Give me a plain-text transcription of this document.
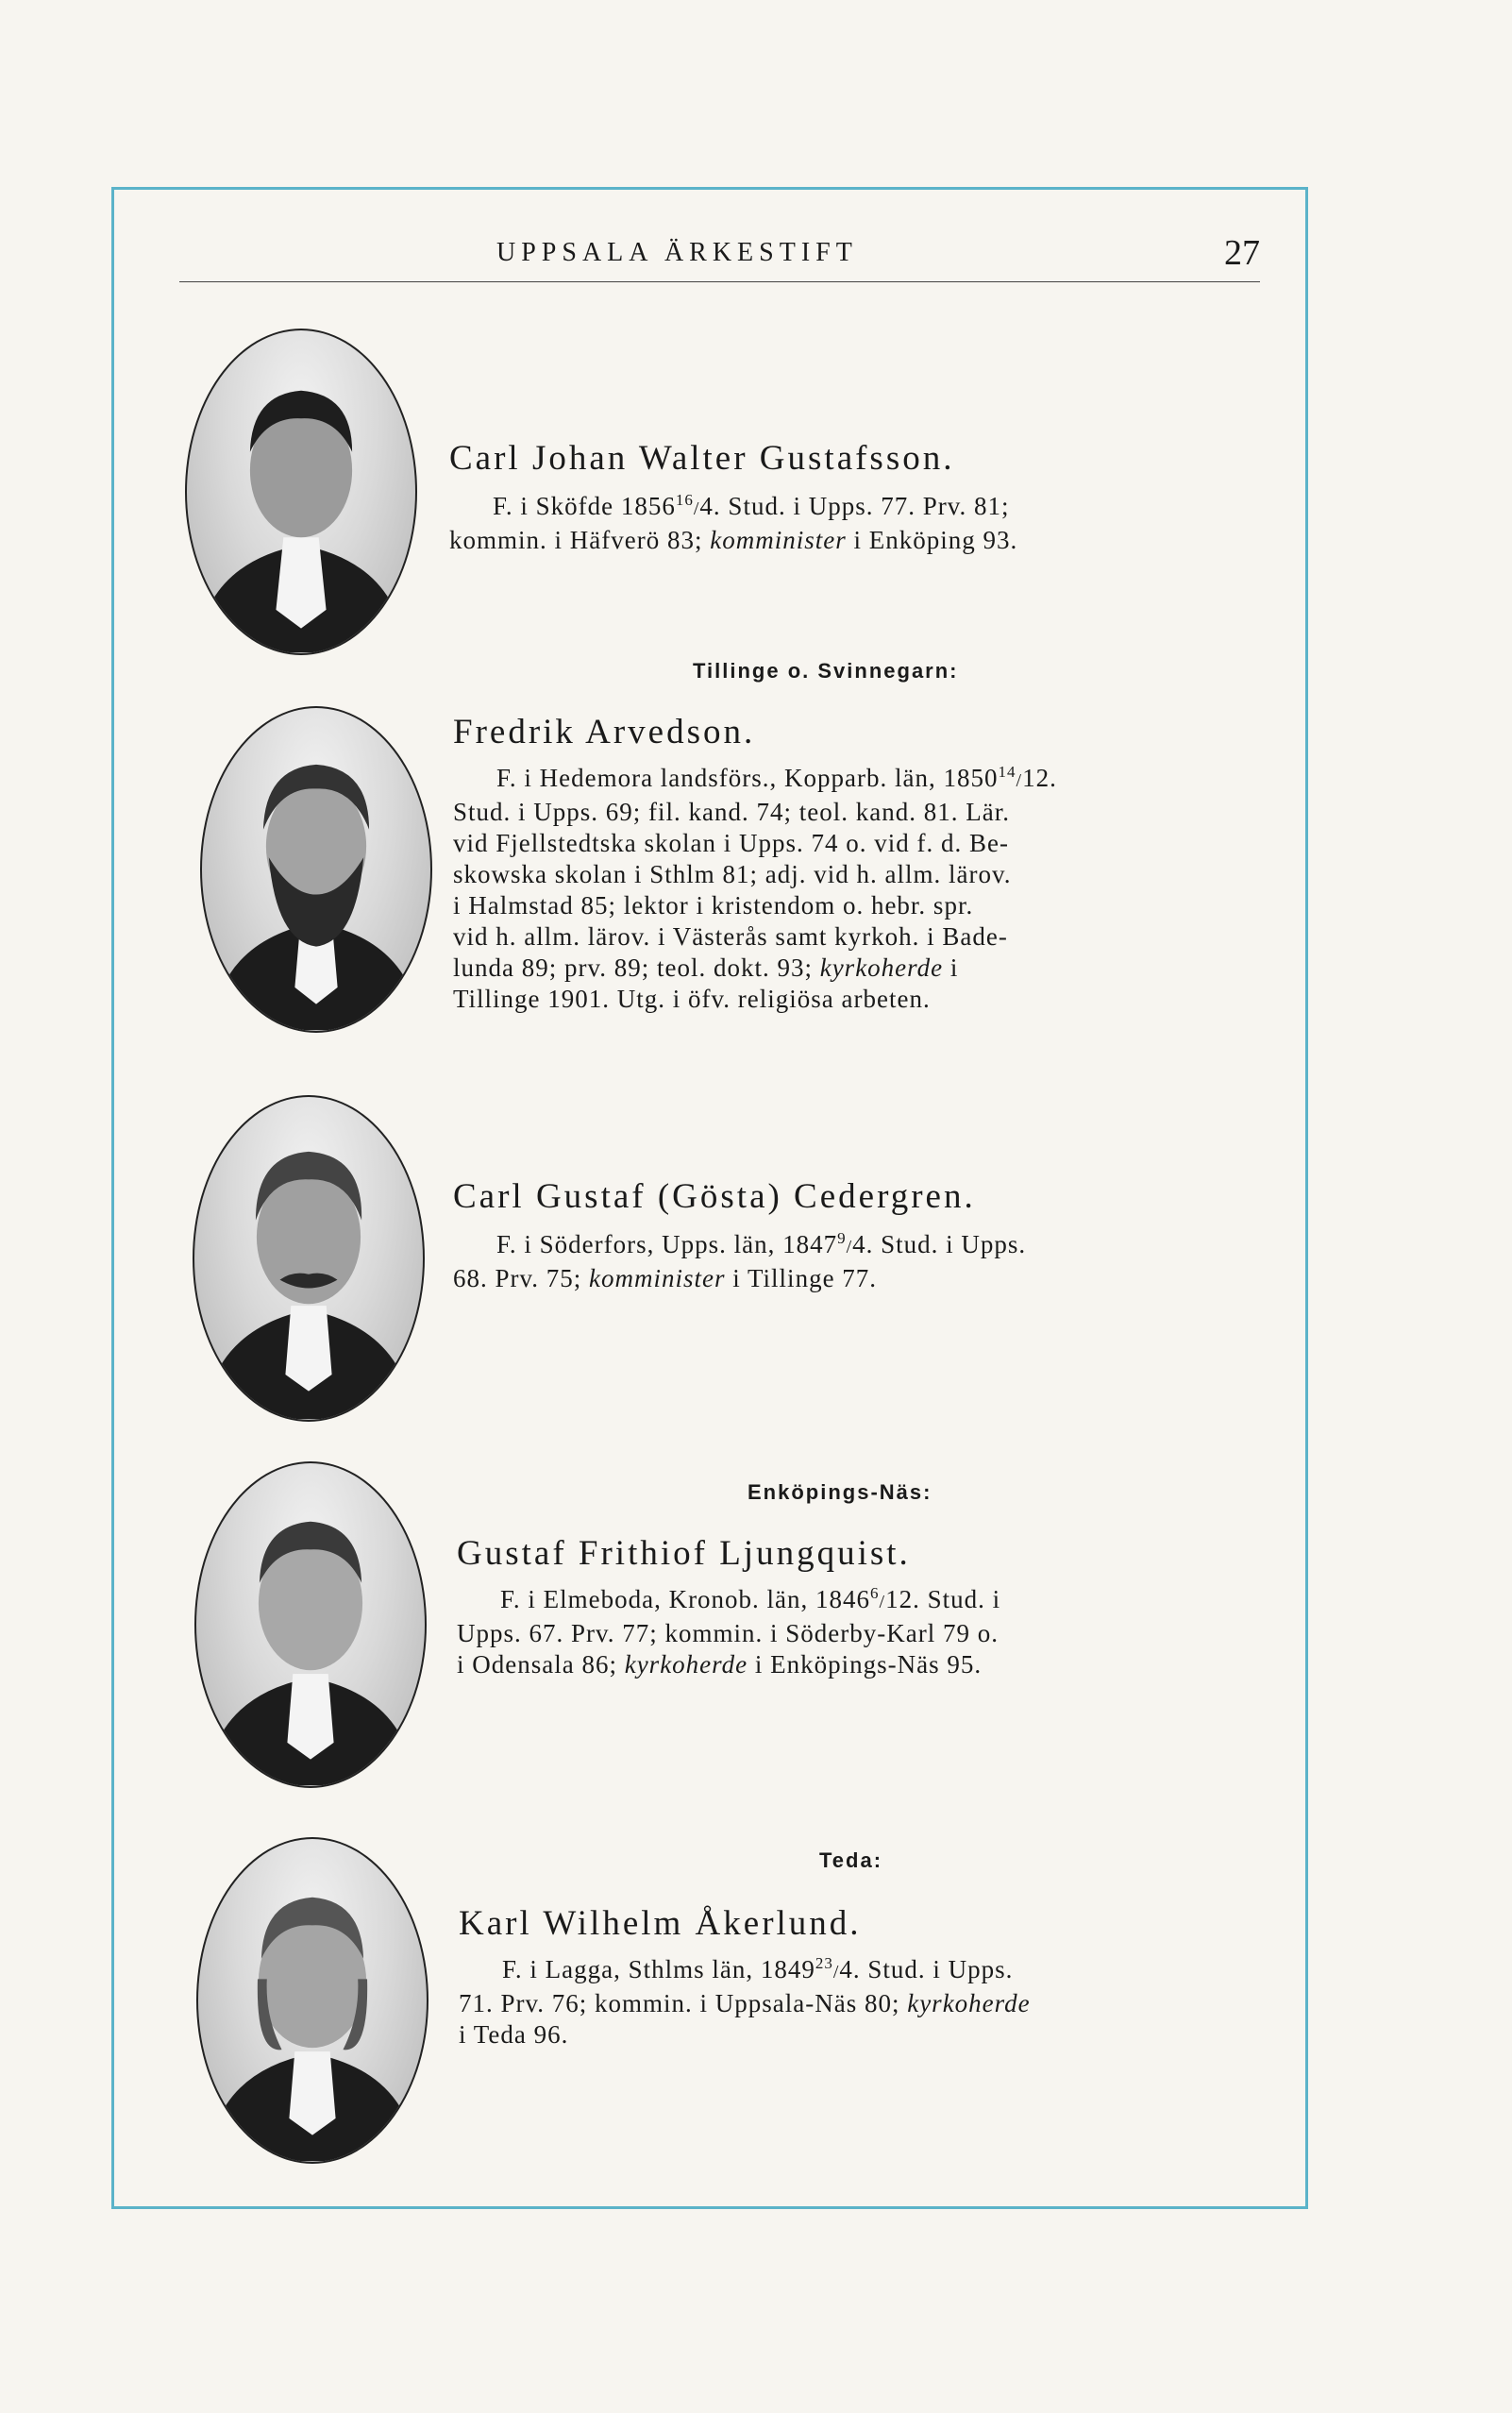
UPPSALA ÄRKESTIFT	27
Carl Johan Walter Gustafsson.
F. i Sköfde 1856$^{16}$/4. Stud. i Upps. 77. Prv. 81;
kommin. i Häfverö 83; komminister i Enköping 93.
Tillinge o. Svinnegarn:
Fredrik Arvedson.
F. i Hedemora landsförs., Kopparb. län, 1850$^{14}$/12.
Stud. i Upps. 69; fil. kand. 74; teol. kand. 81. Lär.
vid Fjellstedtska skolan i Upps. 74 o. vid f. d. Be-
skowska skolan i Sthlm 81; adj. vid h. allm. lärov.
i Halmstad 85; lektor i kristendom o. hebr. spr.
vid h. allm. lärov. i Västerås samt kyrkoh. i Bade-
lunda 89; prv. 89; teol. dokt. 93; kyrkoherde i
Tillinge 1901. Utg. i öfv. religiösa arbeten.
Carl Gustaf (Gösta) Cedergren.
F. i Söderfors, Upps. län, 1847$^9$/4. Stud. i Upps.
68. Prv. 75; komminister i Tillinge 77.
Enköpings-Näs:
Gustaf Frithiof Ljungquist.
F. i Elmeboda, Kronob. län, 1846$^6$/12. Stud. i
Upps. 67. Prv. 77; kommin. i Söderby-Karl 79 o.
i Odensala 86; kyrkoherde i Enköpings-Näs 95.
Teda:
Karl Wilhelm Åkerlund.
F. i Lagga, Sthlms län, 1849$^{23}$/4. Stud. i Upps.
71. Prv. 76; kommin. i Uppsala-Näs 80; kyrkoherde
i Teda 96.
